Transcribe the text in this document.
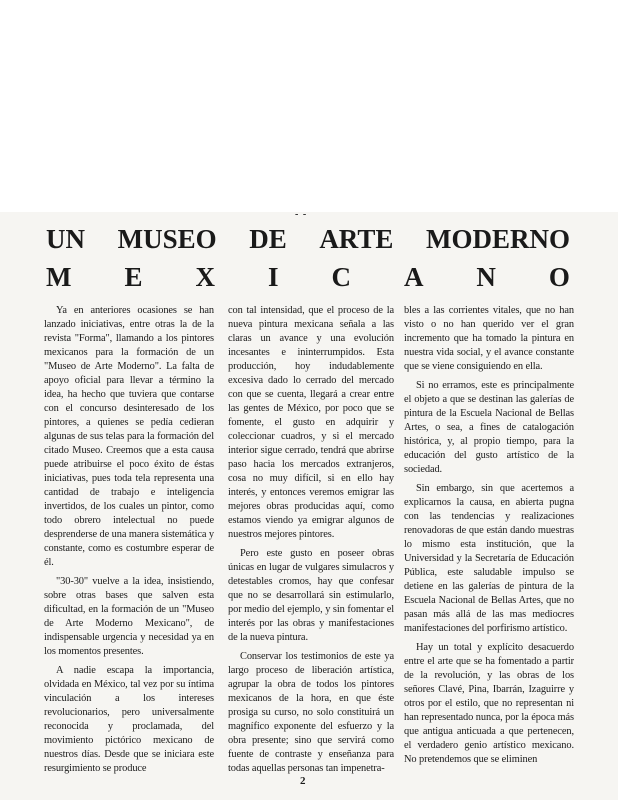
- -
UN MUSEO DE ARTE MODERNO
M E X I C A N O

Ya en anteriores ocasiones se han lanzado iniciativas, entre otras la de la revista "Forma", llamando a los pintores mexicanos para la formación de un "Museo de Arte Moderno". La falta de apoyo oficial para llevar a término la idea, ha hecho que tuviera que contarse con el concurso desinteresado de los pintores, a quienes se pedía cedieran algunas de sus telas para la formación del citado Museo. Creemos que a esta causa puede atribuirse el poco éxito de éstas iniciativas, pues toda tela representa una cantidad de trabajo e inteligencia invertidos, de los cuales un pintor, como todo obrero intelectual no puede desprenderse de una manera sistemática y constante, como es costumbre esperar de él.

"30-30" vuelve a la idea, insistiendo, sobre otras bases que salven esta dificultad, en la formación de un "Museo de Arte Moderno Mexicano", de indispensable urgencia y necesidad ya en los momentos presentes.

A nadie escapa la importancia, olvidada en México, tal vez por su íntima vinculación a los intereses revolucionarios, pero universalmente reconocida y proclamada, del movimiento pictórico mexicano de nuestros días. Desde que se iniciara este resurgimiento se produce

con tal intensidad, que el proceso de la nueva pintura mexicana señala a las claras un avance y una evolución incesantes e ininterrumpidos. Esta producción, hoy indudablemente excesiva dado lo cerrado del mercado con que se cuenta, llegará a crear entre las gentes de México, por poco que se fomente, el gusto en adquirir y coleccionar cuadros, y si el mercado interior sigue cerrado, tendrá que abrirse paso hacia los mercados extranjeros, cosa no muy difícil, si en ello hay interés, y entonces veremos emigrar las mejores obras producidas aquí, como estamos viendo ya emigrar algunos de nuestros mejores pintores.

Pero este gusto en poseer obras únicas en lugar de vulgares simulacros y detestables cromos, hay que confesar que no se desarrollará sin estimularlo, por medio del ejemplo, y sin fomentar el interés por las obras y manifestaciones de la nueva pintura.

Conservar los testimonios de este ya largo proceso de liberación artística, agrupar la obra de todos los pintores mexicanos de la hora, en que éste prosiga su curso, no solo constituirá un magnífico exponente del esfuerzo y la obra presente; sino que servirá como fuente de contraste y enseñanza para todas aquellas personas tan impenetra-

bles a las corrientes vitales, que no han visto o no han querido ver el gran incremento que ha tomado la pintura en nuestra vida social, y el avance constante que se viene consiguiendo en ella.

Si no erramos, este es principalmente el objeto a que se destinan las galerías de pintura de la Escuela Nacional de Bellas Artes, o sea, a fines de catalogación histórica, y, al propio tiempo, para la educación del gusto artístico de la sociedad.

Sin embargo, sin que acertemos a explicarnos la causa, en abierta pugna con las tendencias y realizaciones renovadoras de que están dando muestras lo mismo esta institución, que la Universidad y la Secretaría de Educación Pública, este saludable impulso se detiene en las galerías de pintura de la Escuela Nacional de Bellas Artes, que no pasan más allá de las mas mediocres manifestaciones del porfirismo artístico.

Hay un total y explícito desacuerdo entre el arte que se ha fomentado a partir de la revolución, y las obras de los señores Clavé, Pina, Ibarrán, Izaguirre y otros por el estilo, que no representan ni han representado nunca, por la época más que antigua anticuada a que pertenecen, el verdadero genio artístico mexicano. No pretendemos que se eliminen

2
